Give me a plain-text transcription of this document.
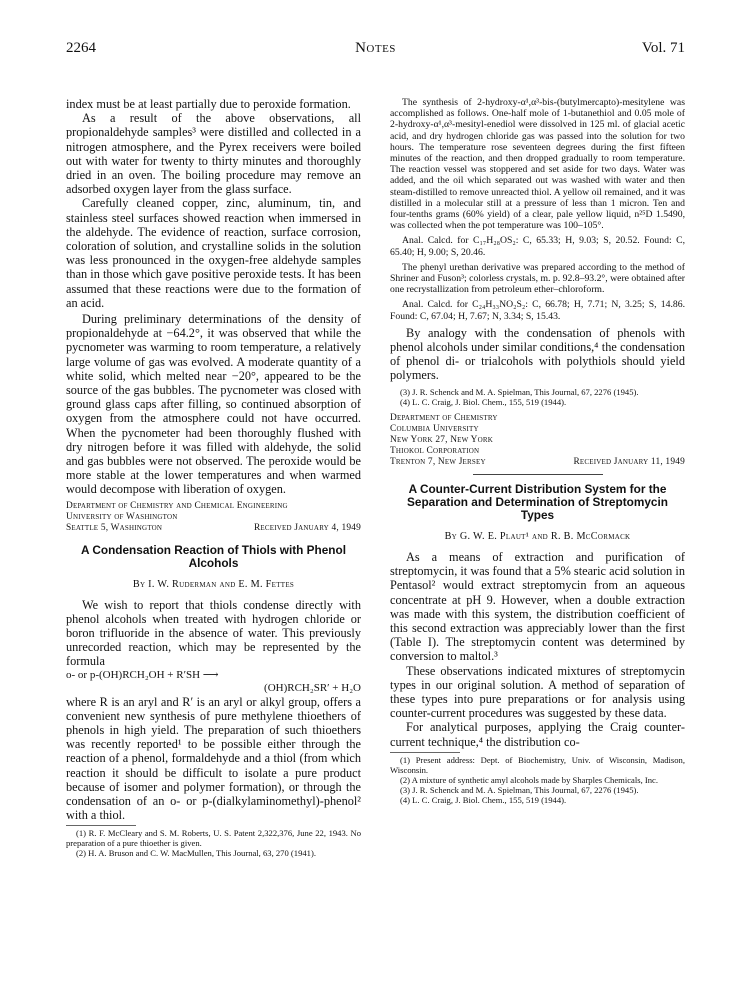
2264	Notes	Vol. 71

index must be at least partially due to peroxide formation.

As a result of the above observations, all propionaldehyde samples³ were distilled and collected in a nitrogen atmosphere, and the Pyrex receivers were boiled out with water for twenty to thirty minutes and thoroughly dried in an oven. The boiling procedure may remove an adsorbed oxygen layer from the glass surface.

Carefully cleaned copper, zinc, aluminum, tin, and stainless steel surfaces showed reaction when immersed in the aldehyde. The evidence of reaction, surface corrosion, coloration of solution, and crystalline solids in the solution was less pronounced in the oxygen-free aldehyde samples than in those which gave positive peroxide tests. It has been assumed that these reactions were due to the formation of an acid.

During preliminary determinations of the density of propionaldehyde at −64.2°, it was observed that while the pycnometer was warming to room temperature, a relatively large volume of gas was evolved. A moderate quantity of a white solid, which melted near −20°, appeared to be the source of the gas bubbles. The pycnometer was closed with ground glass caps after filling, so continued absorption of oxygen from the atmosphere could not have occurred. When the pycnometer had been thoroughly flushed with dry nitrogen before it was filled with aldehyde, the solid and gas bubbles were not observed. The peroxide would be more stable at the lower temperatures and when warmed would decompose with liberation of oxygen.

Department of Chemistry and Chemical Engineering
University of Washington
Seattle 5, Washington	Received January 4, 1949
A Condensation Reaction of Thiols with Phenol Alcohols
By I. W. Ruderman and E. M. Fettes

We wish to report that thiols condense directly with phenol alcohols when treated with hydrogen chloride or boron trifluoride in the absence of water. This previously unrecorded reaction, which may be represented by the formula

o- or p-(OH)RCH₂OH + R′SH ⟶
(OH)RCH₂SR′ + H₂O

where R is an aryl and R′ is an aryl or alkyl group, offers a convenient new synthesis of pure methylene thioethers of phenols in high yield. The preparation of such thioethers was recently reported¹ to be possible either through the reaction of a phenol, formaldehyde and a thiol (from which reaction it should be difficult to isolate a pure product because of isomer and polymer formation), or through the condensation of an o- or p-(dialkylaminomethyl)-phenol² with a thiol.

(1) R. F. McCleary and S. M. Roberts, U. S. Patent 2,322,376, June 22, 1943. No preparation of a pure thioether is given.

(2) H. A. Bruson and C. W. MacMullen, This Journal, 63, 270 (1941).

The synthesis of 2-hydroxy-α¹,α³-bis-(butylmercapto)-mesitylene was accomplished as follows. One-half mole of 1-butanethiol and 0.05 mole of 2-hydroxy-α¹,α³-mesityl-enediol were dissolved in 125 ml. of glacial acetic acid, and dry hydrogen chloride gas was passed into the solution for two hours. The temperature rose seventeen degrees during the first fifteen minutes of the reaction, and then dropped gradually to room temperature. The reaction vessel was stoppered and set aside for two days. Water was added, and the oil which separated out was washed with water and then steam-distilled to remove unreacted thiol. A yellow oil remained, and it was distilled in a molecular still at a pressure of less than 1 micron. Ten and four-tenths grams (60% yield) of a clear, pale yellow liquid, n²⁵D 1.5490, was collected when the pot temperature was 100–105°.

Anal. Calcd. for C₁₇H₂₈OS₂: C, 65.33; H, 9.03; S, 20.52. Found: C, 65.40; H, 9.00; S, 20.46.

The phenyl urethan derivative was prepared according to the method of Shriner and Fuson³; colorless crystals, m. p. 92.8–93.2°, were obtained after one recrystallization from petroleum ether–chloroform.

Anal. Calcd. for C₂₄H₃₃NO₂S₂: C, 66.78; H, 7.71; N, 3.25; S, 14.86. Found: C, 67.04; H, 7.67; N, 3.34; S, 15.43.

By analogy with the condensation of phenols with phenol alcohols under similar conditions,⁴ the condensation of phenol di- or trialcohols with polythiols should yield polymers.

(3) J. R. Schenck and M. A. Spielman, This Journal, 67, 2276 (1945).

(4) L. C. Craig, J. Biol. Chem., 155, 519 (1944).

Department of Chemistry
Columbia University
New York 27, New York
Thiokol Corporation
Trenton 7, New Jersey	Received January 11, 1949
A Counter-Current Distribution System for the Separation and Determination of Streptomycin Types
By G. W. E. Plaut¹ and R. B. McCormack

As a means of extraction and purification of streptomycin, it was found that a 5% stearic acid solution in Pentasol² would extract streptomycin from an aqueous concentrate at pH 9. However, when a double extraction was made with this system, the distribution coefficient of this second extraction was appreciably lower than the first (Table I). The streptomycin content was determined by conversion to maltol.³

These observations indicated mixtures of streptomycin types in our original solution. A method of separation of these types into pure preparations or for analysis using counter-current procedures was suggested by these data.

For analytical purposes, applying the Craig counter-current technique,⁴ the distribution co-

(1) Present address: Dept. of Biochemistry, Univ. of Wisconsin, Madison, Wisconsin.

(2) A mixture of synthetic amyl alcohols made by Sharples Chemicals, Inc.

(3) J. R. Schenck and M. A. Spielman, This Journal, 67, 2276 (1945).

(4) L. C. Craig, J. Biol. Chem., 155, 519 (1944).
